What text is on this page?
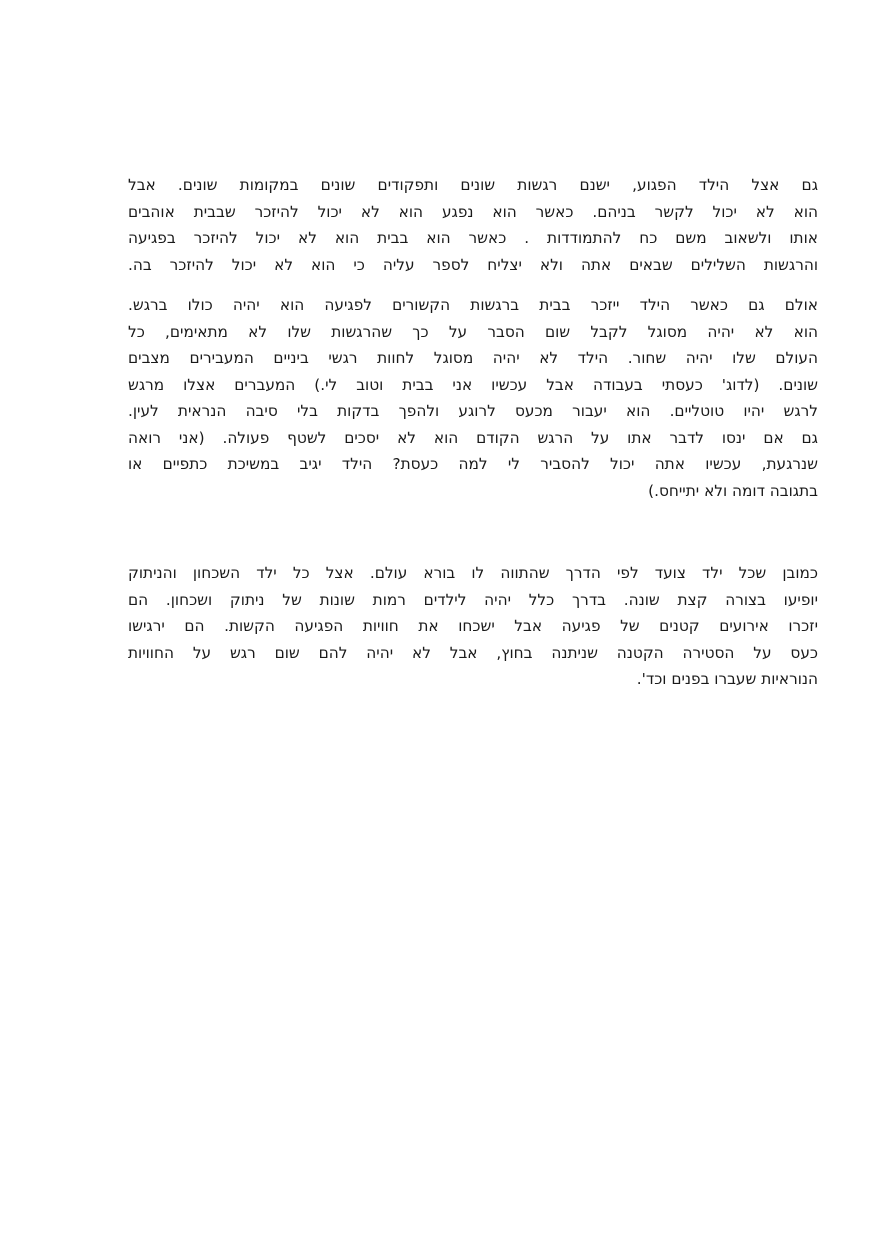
גם אצל הילד הפגוע, ישנם רגשות שונים ותפקודים שונים במקומות שונים. אבל
הוא לא יכול לקשר בניהם. כאשר הוא נפגע הוא לא יכול להיזכר שבבית אוהבים
אותו ולשאוב משם כח להתמודדות . כאשר הוא בבית הוא לא יכול להיזכר בפגיעה
והרגשות השלילים שבאים אתה ולא יצליח לספר עליה כי הוא לא יכול להיזכר בה.
אולם גם כאשר הילד ייזכר בבית ברגשות הקשורים לפגיעה הוא יהיה כולו ברגש.
הוא לא יהיה מסוגל לקבל שום הסבר על כך שהרגשות שלו לא מתאימים, כל
העולם שלו יהיה שחור. הילד לא יהיה מסוגל לחוות רגשי ביניים המעבירים מצבים
שונים. (לדוג' כעסתי בעבודה אבל עכשיו אני בבית וטוב לי.) המעברים אצלו מרגש
לרגש יהיו טוטליים. הוא יעבור מכעס לרוגע ולהפך בדקות בלי סיבה הנראית לעין.
גם אם ינסו לדבר אתו על הרגש הקודם הוא לא יסכים לשטף פעולה. (אני רואה
שנרגעת, עכשיו אתה יכול להסביר לי למה כעסת? הילד יגיב במשיכת כתפיים או
בתגובה דומה ולא יתייחס.)
כמובן שכל ילד צועד לפי הדרך שהתווה לו בורא עולם. אצל כל ילד השכחון והניתוק
יופיעו בצורה קצת שונה. בדרך כלל יהיה לילדים רמות שונות של ניתוק ושכחון. הם
יזכרו אירועים קטנים של פגיעה אבל ישכחו את חוויות הפגיעה הקשות. הם ירגישו
כעס על הסטירה הקטנה שניתנה בחוץ, אבל לא יהיה להם שום רגש על החוויות
הנוראיות שעברו בפנים וכד'.
